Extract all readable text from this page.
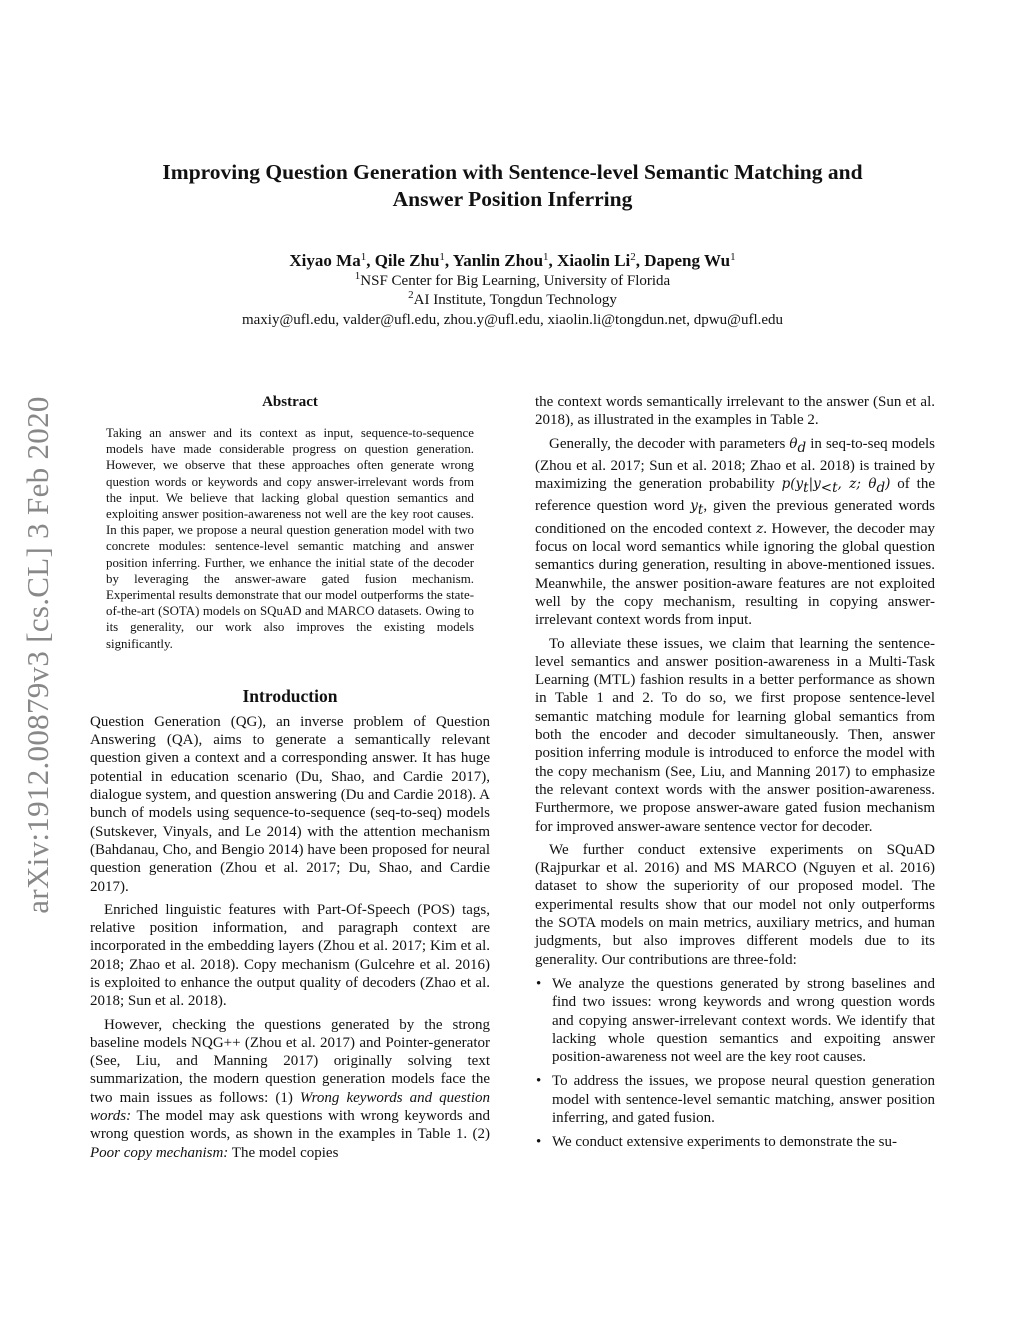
arXiv:1912.00879v3 [cs.CL] 3 Feb 2020
Improving Question Generation with Sentence-level Semantic Matching and
Answer Position Inferring
Xiyao Ma$^1$, Qile Zhu$^1$, Yanlin Zhou$^1$, Xiaolin Li$^2$, Dapeng Wu$^1$
$^1$NSF Center for Big Learning, University of Florida
$^2$AI Institute, Tongdun Technology
maxiy@ufl.edu, valder@ufl.edu, zhou.y@ufl.edu, xiaolin.li@tongdun.net, dpwu@ufl.edu
Abstract
Taking an answer and its context as input, sequence-to-sequence models have made considerable progress on question generation. However, we observe that these approaches often generate wrong question words or keywords and copy answer-irrelevant words from the input. We believe that lacking global question semantics and exploiting answer position-awareness not well are the key root causes. In this paper, we propose a neural question generation model with two concrete modules: sentence-level semantic matching and answer position inferring. Further, we enhance the initial state of the decoder by leveraging the answer-aware gated fusion mechanism. Experimental results demonstrate that our model outperforms the state-of-the-art (SOTA) models on SQuAD and MARCO datasets. Owing to its generality, our work also improves the existing models significantly.
Introduction

Question Generation (QG), an inverse problem of Question Answering (QA), aims to generate a semantically relevant question given a context and a corresponding answer. It has huge potential in education scenario (Du, Shao, and Cardie 2017), dialogue system, and question answering (Du and Cardie 2018). A bunch of models using sequence-to-sequence (seq-to-seq) models (Sutskever, Vinyals, and Le 2014) with the attention mechanism (Bahdanau, Cho, and Bengio 2014) have been proposed for neural question generation (Zhou et al. 2017; Du, Shao, and Cardie 2017).

Enriched linguistic features with Part-Of-Speech (POS) tags, relative position information, and paragraph context are incorporated in the embedding layers (Zhou et al. 2017; Kim et al. 2018; Zhao et al. 2018). Copy mechanism (Gulcehre et al. 2016) is exploited to enhance the output quality of decoders (Zhao et al. 2018; Sun et al. 2018).

However, checking the questions generated by the strong baseline models NQG++ (Zhou et al. 2017) and Pointer-generator (See, Liu, and Manning 2017) originally solving text summarization, the modern question generation models face the two main issues as follows: (1) Wrong keywords and question words: The model may ask questions with wrong keywords and wrong question words, as shown in the examples in Table 1. (2) Poor copy mechanism: The model copies

the context words semantically irrelevant to the answer (Sun et al. 2018), as illustrated in the examples in Table 2.

Generally, the decoder with parameters $\theta_d$ in seq-to-seq models (Zhou et al. 2017; Sun et al. 2018; Zhao et al. 2018) is trained by maximizing the generation probability $p(y_t|y_{<t}$, z; $\theta_d$) of the reference question word $y_t$, given the previous generated words conditioned on the encoded context z. However, the decoder may focus on local word semantics while ignoring the global question semantics during generation, resulting in above-mentioned issues. Meanwhile, the answer position-aware features are not exploited well by the copy mechanism, resulting in copying answer-irrelevant context words from input.

To alleviate these issues, we claim that learning the sentence-level semantics and answer position-awareness in a Multi-Task Learning (MTL) fashion results in a better performance as shown in Table 1 and 2. To do so, we first propose sentence-level semantic matching module for learning global semantics from both the encoder and decoder simultaneously. Then, answer position inferring module is introduced to enforce the model with the copy mechanism (See, Liu, and Manning 2017) to emphasize the relevant context words with the answer position-awareness. Furthermore, we propose answer-aware gated fusion mechanism for improved answer-aware sentence vector for decoder.

We further conduct extensive experiments on SQuAD (Rajpurkar et al. 2016) and MS MARCO (Nguyen et al. 2016) dataset to show the superiority of our proposed model. The experimental results show that our model not only outperforms the SOTA models on main metrics, auxiliary metrics, and human judgments, but also improves different models due to its generality. Our contributions are three-fold:

• We analyze the questions generated by strong baselines and find two issues: wrong keywords and wrong question words and copying answer-irrelevant context words. We identify that lacking whole question semantics and expoiting answer position-awareness not weel are the key root causes.
• To address the issues, we propose neural question generation model with sentence-level semantic matching, answer position inferring, and gated fusion.
• We conduct extensive experiments to demonstrate the su-
